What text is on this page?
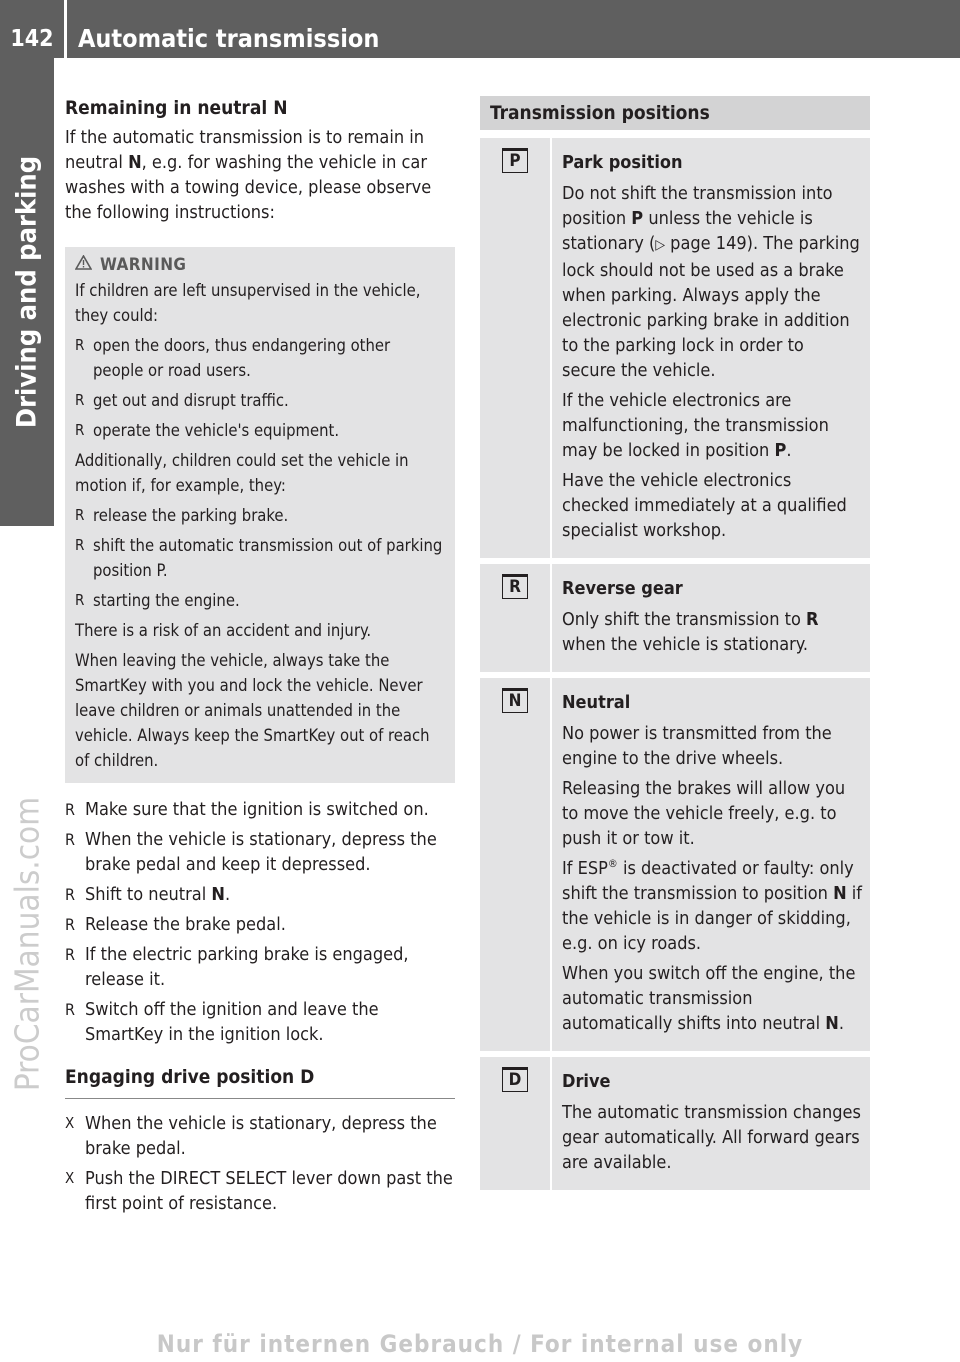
142 Automatic transmission
Driving and parking
ProCarManuals.com

Remaining in neutral N

If the automatic transmission is to remain in neutral N, e.g. for washing the vehicle in car washes with a towing device, please observe the following instructions:

WARNING

If children are left unsupervised in the vehicle, they could:

R open the doors, thus endangering other people or road users.

R get out and disrupt traffic.

R operate the vehicle's equipment.

Additionally, children could set the vehicle in motion if, for example, they:

R release the parking brake.

R shift the automatic transmission out of parking position P.

R starting the engine.

There is a risk of an accident and injury.

When leaving the vehicle, always take the SmartKey with you and lock the vehicle. Never leave children or animals unattended in the vehicle. Always keep the SmartKey out of reach of children.

R Make sure that the ignition is switched on.

R When the vehicle is stationary, depress the brake pedal and keep it depressed.

R Shift to neutral N.

R Release the brake pedal.

R If the electric parking brake is engaged, release it.

R Switch off the ignition and leave the SmartKey in the ignition lock.

Engaging drive position D

X When the vehicle is stationary, depress the brake pedal.

X Push the DIRECT SELECT lever down past the first point of resistance.

Transmission positions
P	Park position

Do not shift the transmission into position P unless the vehicle is stationary (▷ page 149). The parking lock should not be used as a brake when parking. Always apply the electronic parking brake in addition to the parking lock in order to secure the vehicle.

If the vehicle electronics are malfunctioning, the transmission may be locked in position P.

Have the vehicle electronics checked immediately at a qualified specialist workshop.

R	Reverse gear

Only shift the transmission to R when the vehicle is stationary.

N	Neutral

No power is transmitted from the engine to the drive wheels.

Releasing the brakes will allow you to move the vehicle freely, e.g. to push it or tow it.

If ESP® is deactivated or faulty: only shift the transmission to position N if the vehicle is in danger of skidding, e.g. on icy roads.

When you switch off the engine, the automatic transmission automatically shifts into neutral N.

D	Drive

The automatic transmission changes gear automatically. All forward gears are available.

Nur für internen Gebrauch / For internal use only
